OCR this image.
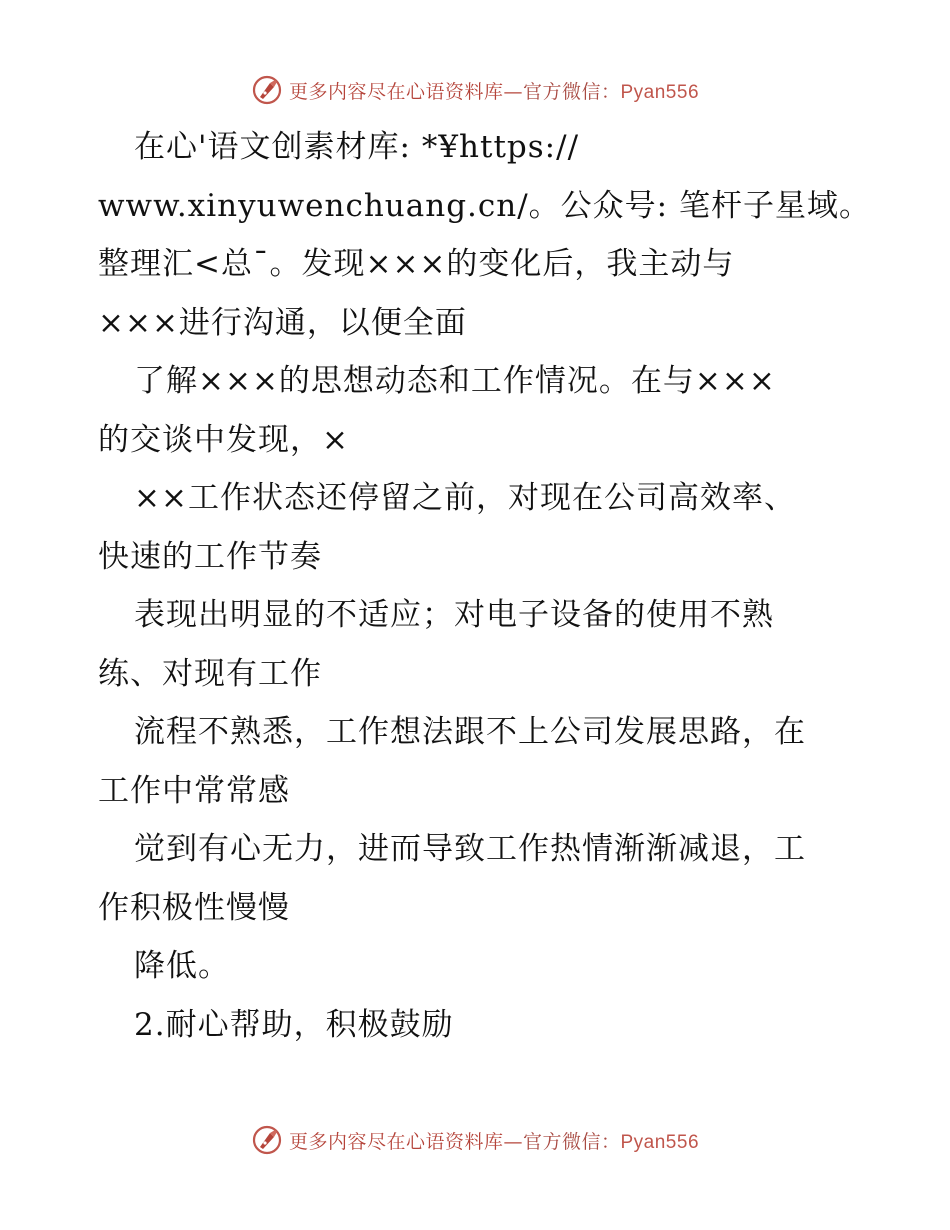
更多内容尽在心语资料库—官方微信：Pyan556
在心'语文创素材库: *¥https://
www.xinyuwenchuang.cn/。公众号: 笔杆子星域。
整理汇<总¯。发现×××的变化后，我主动与
×××进行沟通，以便全面
了解×××的思想动态和工作情况。在与×××
的交谈中发现，×
××工作状态还停留之前，对现在公司高效率、
快速的工作节奏
表现出明显的不适应；对电子设备的使用不熟
练、对现有工作
流程不熟悉，工作想法跟不上公司发展思路，在
工作中常常感
觉到有心无力，进而导致工作热情渐渐减退，工
作积极性慢慢
降低。
2.耐心帮助，积极鼓励
更多内容尽在心语资料库—官方微信：Pyan556
